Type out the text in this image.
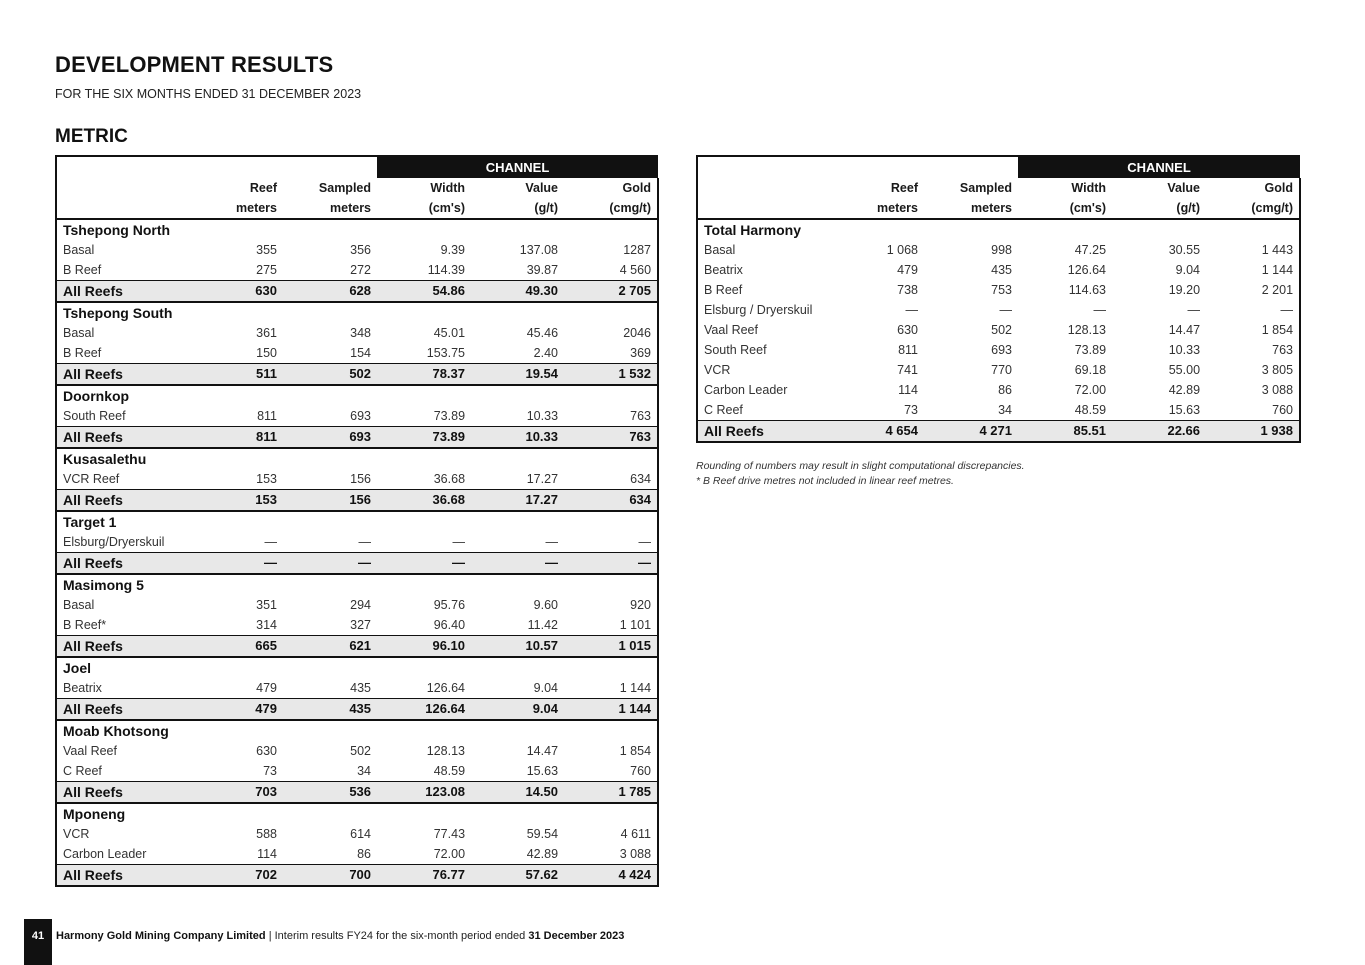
DEVELOPMENT RESULTS
FOR THE SIX MONTHS ENDED 31 DECEMBER 2023
METRIC
			CHANNEL		
	Reef	Sampled	Width	Value	Gold
	meters	meters	(cm's)	(g/t)	(cmg/t)
Tshepong North					
Basal	355	356	9.39	137.08	1287
B Reef	275	272	114.39	39.87	4 560
All Reefs	630	628	54.86	49.30	2 705
Tshepong South					
Basal	361	348	45.01	45.46	2046
B Reef	150	154	153.75	2.40	369
All Reefs	511	502	78.37	19.54	1 532
Doornkop					
South Reef	811	693	73.89	10.33	763
All Reefs	811	693	73.89	10.33	763
Kusasalethu					
VCR Reef	153	156	36.68	17.27	634
All Reefs	153	156	36.68	17.27	634
Target 1					
Elsburg/Dryerskuil	—	—	—	—	—
All Reefs	—	—	—	—	—
Masimong 5					
Basal	351	294	95.76	9.60	920
B Reef*	314	327	96.40	11.42	1 101
All Reefs	665	621	96.10	10.57	1 015
Joel					
Beatrix	479	435	126.64	9.04	1 144
All Reefs	479	435	126.64	9.04	1 144
Moab Khotsong					
Vaal Reef	630	502	128.13	14.47	1 854
C Reef	73	34	48.59	15.63	760
All Reefs	703	536	123.08	14.50	1 785
Mponeng					
VCR	588	614	77.43	59.54	4 611
Carbon Leader	114	86	72.00	42.89	3 088
All Reefs	702	700	76.77	57.62	4 424
			CHANNEL		
	Reef	Sampled	Width	Value	Gold
	meters	meters	(cm's)	(g/t)	(cmg/t)
Total Harmony					
Basal	1 068	998	47.25	30.55	1 443
Beatrix	479	435	126.64	9.04	1 144
B Reef	738	753	114.63	19.20	2 201
Elsburg / Dryerskuil	—	—	—	—	—
Vaal Reef	630	502	128.13	14.47	1 854
South Reef	811	693	73.89	10.33	763
VCR	741	770	69.18	55.00	3 805
Carbon Leader	114	86	72.00	42.89	3 088
C Reef	73	34	48.59	15.63	760
All Reefs	4 654	4 271	85.51	22.66	1 938
Rounding of numbers may result in slight computational discrepancies.
* B Reef drive metres not included in linear reef metres.
41	Harmony Gold Mining Company Limited | Interim results FY24 for the six-month period ended 31 December 2023
